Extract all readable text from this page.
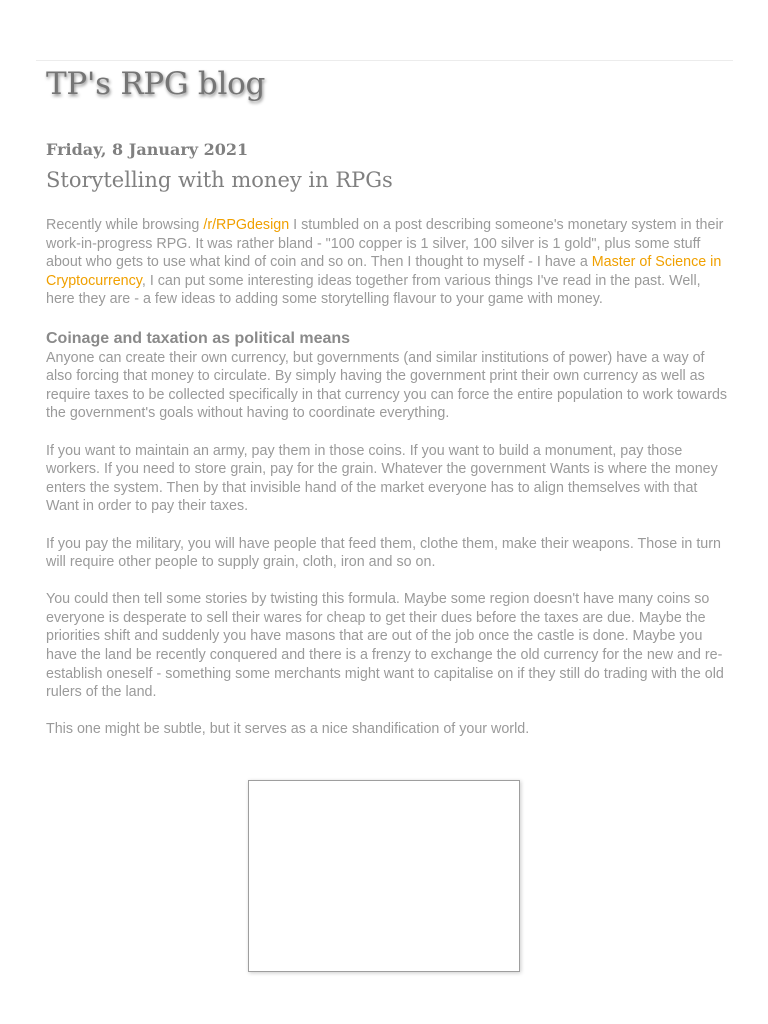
TP's RPG blog
Friday, 8 January 2021
Storytelling with money in RPGs

Recently while browsing /r/RPGdesign I stumbled on a post describing someone's monetary system in their work-in-progress RPG. It was rather bland - "100 copper is 1 silver, 100 silver is 1 gold", plus some stuff about who gets to use what kind of coin and so on. Then I thought to myself - I have a Master of Science in Cryptocurrency, I can put some interesting ideas together from various things I've read in the past. Well, here they are - a few ideas to adding some storytelling flavour to your game with money.

Coinage and taxation as political means

Anyone can create their own currency, but governments (and similar institutions of power) have a way of also forcing that money to circulate. By simply having the government print their own currency as well as require taxes to be collected specifically in that currency you can force the entire population to work towards the government's goals without having to coordinate everything.

If you want to maintain an army, pay them in those coins. If you want to build a monument, pay those workers. If you need to store grain, pay for the grain. Whatever the government Wants is where the money enters the system. Then by that invisible hand of the market everyone has to align themselves with that Want in order to pay their taxes.

If you pay the military, you will have people that feed them, clothe them, make their weapons. Those in turn will require other people to supply grain, cloth, iron and so on.

You could then tell some stories by twisting this formula. Maybe some region doesn't have many coins so everyone is desperate to sell their wares for cheap to get their dues before the taxes are due. Maybe the priorities shift and suddenly you have masons that are out of the job once the castle is done. Maybe you have the land be recently conquered and there is a frenzy to exchange the old currency for the new and re-establish oneself - something some merchants might want to capitalise on if they still do trading with the old rulers of the land.

This one might be subtle, but it serves as a nice shandification of your world.
